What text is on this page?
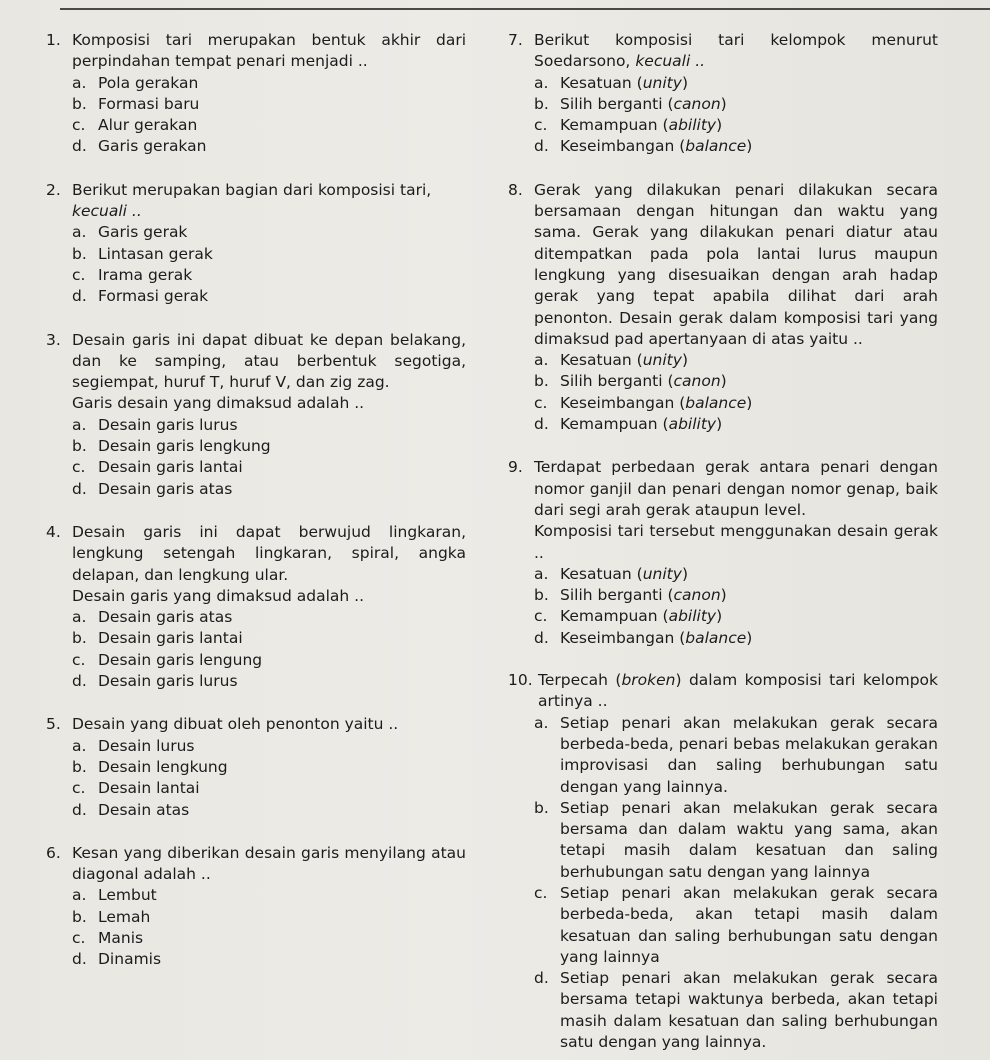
1. Komposisi tari merupakan bentuk akhir dari perpindahan tempat penari menjadi ..
a. Pola gerakan
b. Formasi baru
c. Alur gerakan
d. Garis gerakan
2. Berikut merupakan bagian dari komposisi tari,
kecuali ..
a. Garis gerak
b. Lintasan gerak
c. Irama gerak
d. Formasi gerak
3. Desain garis ini dapat dibuat ke depan belakang, dan ke samping, atau berbentuk segotiga, segiempat, huruf T, huruf V, dan zig zag.
Garis desain yang dimaksud adalah ..
a. Desain garis lurus
b. Desain garis lengkung
c. Desain garis lantai
d. Desain garis atas
4. Desain garis ini dapat berwujud lingkaran, lengkung setengah lingkaran, spiral, angka delapan, dan lengkung ular.
Desain garis yang dimaksud adalah ..
a. Desain garis atas
b. Desain garis lantai
c. Desain garis lengung
d. Desain garis lurus
5. Desain yang dibuat oleh penonton yaitu ..
a. Desain lurus
b. Desain lengkung
c. Desain lantai
d. Desain atas
6. Kesan yang diberikan desain garis menyilang atau diagonal adalah ..
a. Lembut
b. Lemah
c. Manis
d. Dinamis
7. Berikut komposisi tari kelompok menurut Soedarsono, kecuali ..
a. Kesatuan (unity)
b. Silih berganti (canon)
c. Kemampuan (ability)
d. Keseimbangan (balance)
8. Gerak yang dilakukan penari dilakukan secara bersamaan dengan hitungan dan waktu yang sama. Gerak yang dilakukan penari diatur atau ditempatkan pada pola lantai lurus maupun lengkung yang disesuaikan dengan arah hadap gerak yang tepat apabila dilihat dari arah penonton. Desain gerak dalam komposisi tari yang dimaksud pad apertanyaan di atas yaitu ..
a. Kesatuan (unity)
b. Silih berganti (canon)
c. Keseimbangan (balance)
d. Kemampuan (ability)
9. Terdapat perbedaan gerak antara penari dengan nomor ganjil dan penari dengan nomor genap, baik dari segi arah gerak ataupun level.
Komposisi tari tersebut menggunakan desain gerak ..
a. Kesatuan (unity)
b. Silih berganti (canon)
c. Kemampuan (ability)
d. Keseimbangan (balance)
10. Terpecah (broken) dalam komposisi tari kelompok artinya ..
a. Setiap penari akan melakukan gerak secara berbeda-beda, penari bebas melakukan gerakan improvisasi dan saling berhubungan satu dengan yang lainnya.
b. Setiap penari akan melakukan gerak secara bersama dan dalam waktu yang sama, akan tetapi masih dalam kesatuan dan saling berhubungan satu dengan yang lainnya
c. Setiap penari akan melakukan gerak secara berbeda-beda, akan tetapi masih dalam kesatuan dan saling berhubungan satu dengan yang lainnya
d. Setiap penari akan melakukan gerak secara bersama tetapi waktunya berbeda, akan tetapi masih dalam kesatuan dan saling berhubungan satu dengan yang lainnya.
